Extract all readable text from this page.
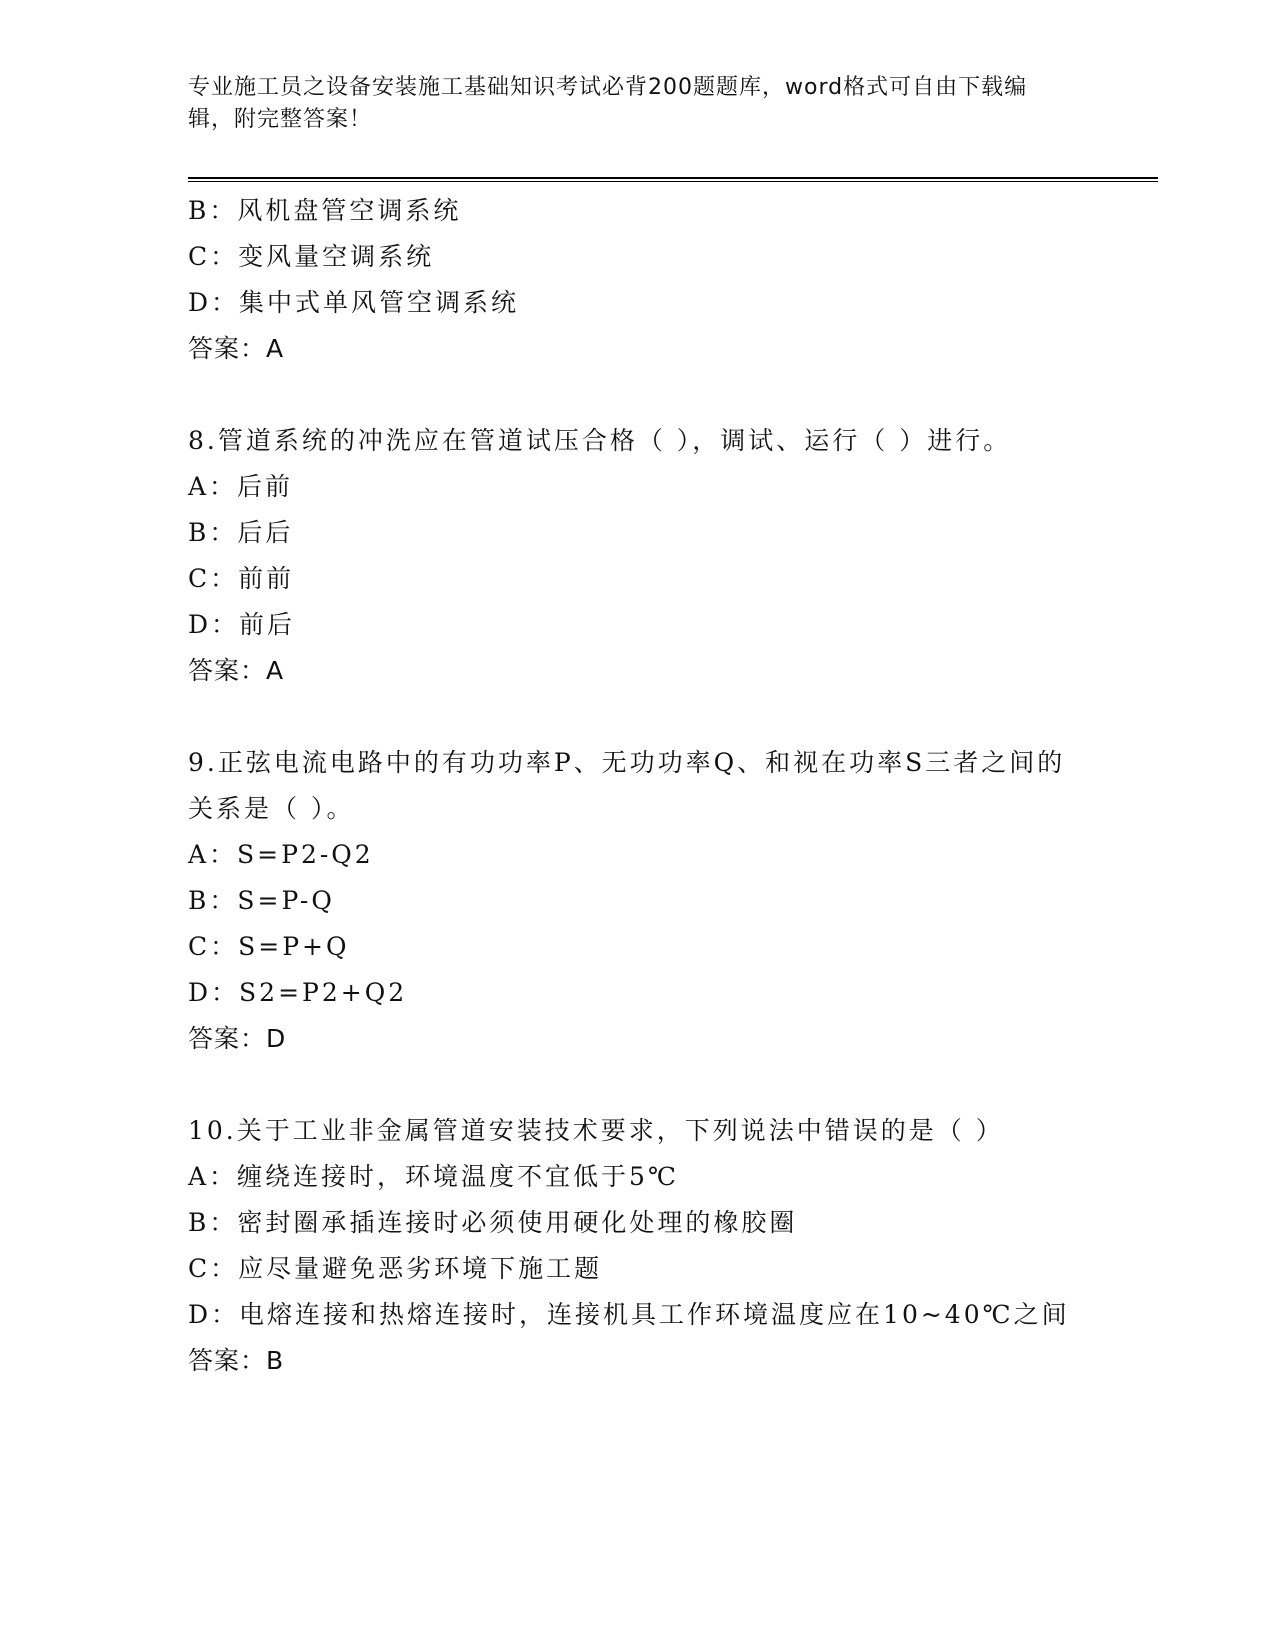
专业施工员之设备安装施工基础知识考试必背200题题库，word格式可自由下载编辑，附完整答案！
B：风机盘管空调系统
C：变风量空调系统
D：集中式单风管空调系统
答案：A
8.管道系统的冲洗应在管道试压合格（ ），调试、运行（ ）进行。
A：后前
B：后后
C：前前
D：前后
答案：A
9.正弦电流电路中的有功功率P、无功功率Q、和视在功率S三者之间的关系是（ ）。
A：S=P2-Q2
B：S=P-Q
C：S=P+Q
D：S2=P2+Q2
答案：D
10.关于工业非金属管道安装技术要求，下列说法中错误的是（ ）
A：缠绕连接时，环境温度不宜低于5℃
B：密封圈承插连接时必须使用硬化处理的橡胶圈
C：应尽量避免恶劣环境下施工题
D：电熔连接和热熔连接时，连接机具工作环境温度应在10~40℃之间
答案：B
